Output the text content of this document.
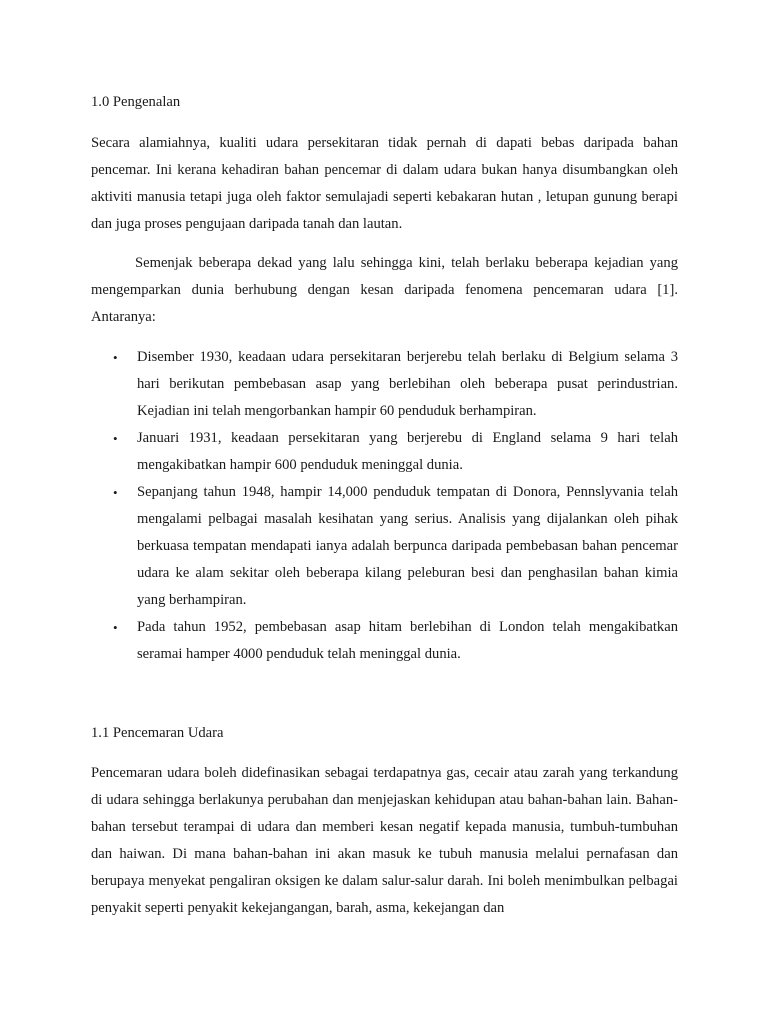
1.0 Pengenalan

Secara alamiahnya, kualiti udara persekitaran tidak pernah di dapati bebas daripada bahan pencemar. Ini kerana kehadiran bahan pencemar di dalam udara bukan hanya disumbangkan oleh aktiviti manusia tetapi juga oleh faktor semulajadi seperti kebakaran hutan , letupan gunung berapi dan juga proses pengujaan daripada tanah dan lautan.

Semenjak beberapa dekad yang lalu sehingga kini, telah berlaku beberapa kejadian yang mengemparkan dunia berhubung dengan kesan daripada fenomena pencemaran udara [1]. Antaranya:

• Disember 1930, keadaan udara persekitaran berjerebu telah berlaku di Belgium selama 3 hari berikutan pembebasan asap yang berlebihan oleh beberapa pusat perindustrian. Kejadian ini telah mengorbankan hampir 60 penduduk berhampiran.
• Januari 1931, keadaan persekitaran yang berjerebu di England selama 9 hari telah mengakibatkan hampir 600 penduduk meninggal dunia.
• Sepanjang tahun 1948, hampir 14,000 penduduk tempatan di Donora, Pennslyvania telah mengalami pelbagai masalah kesihatan yang serius. Analisis yang dijalankan oleh pihak berkuasa tempatan mendapati ianya adalah berpunca daripada pembebasan bahan pencemar udara ke alam sekitar oleh beberapa kilang peleburan besi dan penghasilan bahan kimia yang berhampiran.
• Pada tahun 1952, pembebasan asap hitam berlebihan di London telah mengakibatkan seramai hamper 4000 penduduk telah meninggal dunia.
1.1 Pencemaran Udara

Pencemaran udara boleh didefinasikan sebagai terdapatnya gas, cecair atau zarah yang terkandung di udara sehingga berlakunya perubahan dan menjejaskan kehidupan atau bahan-bahan lain. Bahan-bahan tersebut terampai di udara dan memberi kesan negatif kepada manusia, tumbuh-tumbuhan dan haiwan. Di mana bahan-bahan ini akan masuk ke tubuh manusia melalui pernafasan dan berupaya menyekat pengaliran oksigen ke dalam salur-salur darah. Ini boleh menimbulkan pelbagai penyakit seperti penyakit kekejangangan, barah, asma, kekejangan dan
